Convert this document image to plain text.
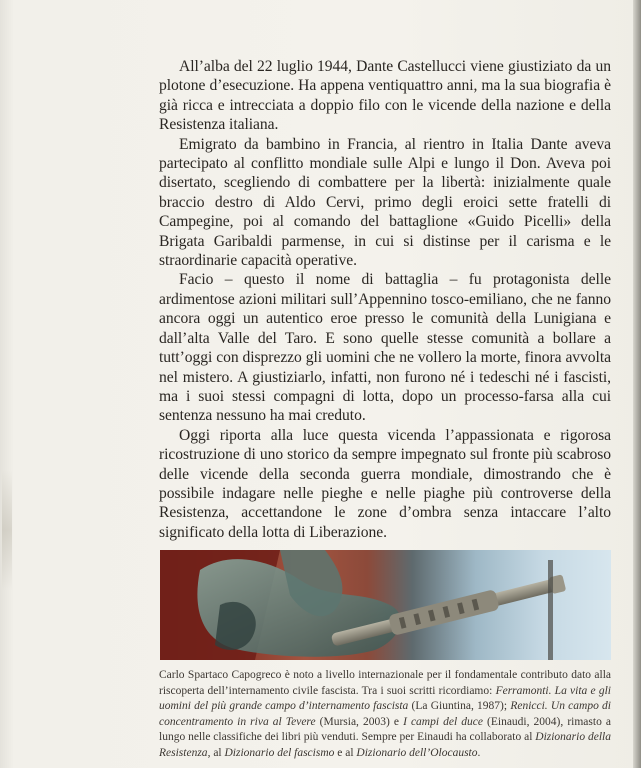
All’alba del 22 luglio 1944, Dante Castellucci viene giustiziato da un plotone d’esecuzione. Ha appena ventiquattro anni, ma la sua biografia è già ricca e intrecciata a doppio filo con le vicende della nazione e della Resistenza italiana.

Emigrato da bambino in Francia, al rientro in Italia Dante aveva partecipato al conflitto mondiale sulle Alpi e lungo il Don. Aveva poi disertato, scegliendo di combattere per la libertà: inizialmente quale braccio destro di Aldo Cervi, primo degli eroici sette fratelli di Campegine, poi al comando del battaglione «Guido Picelli» della Brigata Garibaldi parmense, in cui si distinse per il carisma e le straordinarie capacità operative.

Facio – questo il nome di battaglia – fu protagonista delle ardimentose azioni militari sull’Appennino tosco-emiliano, che ne fanno ancora oggi un autentico eroe presso le comunità della Lunigiana e dall’alta Valle del Taro. E sono quelle stesse comunità a bollare a tutt’oggi con disprezzo gli uomini che ne vollero la morte, finora avvolta nel mistero. A giustiziarlo, infatti, non furono né i tedeschi né i fascisti, ma i suoi stessi compagni di lotta, dopo un processo-farsa alla cui sentenza nessuno ha mai creduto.

Oggi riporta alla luce questa vicenda l’appassionata e rigorosa ricostruzione di uno storico da sempre impegnato sul fronte più scabroso delle vicende della seconda guerra mondiale, dimostrando che è possibile indagare nelle pieghe e nelle piaghe più controverse della Resistenza, accettandone le zone d’ombra senza intaccare l’alto significato della lotta di Liberazione.

Carlo Spartaco Capogreco è noto a livello internazionale per il fondamentale contributo dato alla riscoperta dell’internamento civile fascista. Tra i suoi scritti ricordiamo: Ferramonti. La vita e gli uomini del più grande campo d’internamento fascista (La Giuntina, 1987); Renicci. Un campo di concentramento in riva al Tevere (Mursia, 2003) e I campi del duce (Einaudi, 2004), rimasto a lungo nelle classifiche dei libri più venduti. Sempre per Einaudi ha collaborato al Dizionario della Resistenza, al Dizionario del fascismo e al Dizionario dell’Olocausto.
